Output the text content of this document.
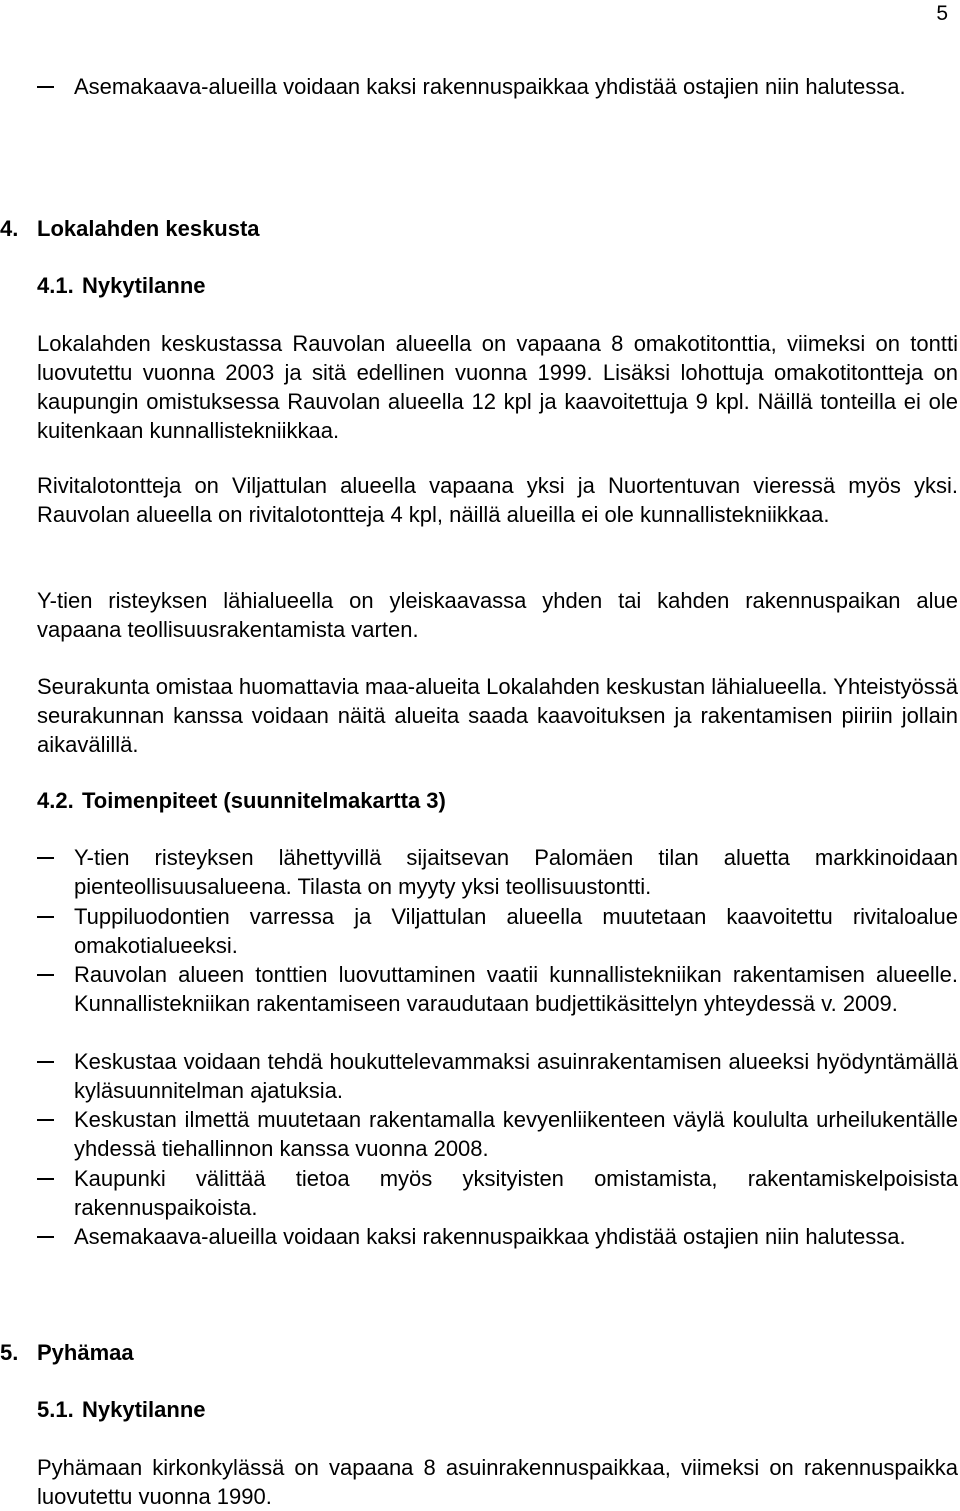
5
Asemakaava-alueilla voidaan kaksi rakennuspaikkaa yhdistää ostajien niin halutessa.
4. Lokalahden keskusta
4.1. Nykytilanne
Lokalahden keskustassa Rauvolan alueella on vapaana 8 omakotitonttia, viimeksi on tontti luovutettu vuonna 2003 ja sitä edellinen vuonna 1999. Lisäksi lohottuja omakotitontteja on kaupungin omistuksessa Rauvolan alueella 12 kpl ja kaavoitettuja 9 kpl. Näillä tonteilla ei ole kuitenkaan kunnallistekniikkaa.
Rivitalotontteja on Viljattulan alueella vapaana yksi ja Nuortentuvan vieressä myös yksi. Rauvolan alueella on rivitalotontteja 4 kpl, näillä alueilla ei ole kunnallistekniikkaa.
Y-tien risteyksen lähialueella on yleiskaavassa yhden tai kahden rakennuspaikan alue vapaana teollisuusrakentamista varten.
Seurakunta omistaa huomattavia maa-alueita Lokalahden keskustan lähialueella. Yhteistyössä seurakunnan kanssa voidaan näitä alueita saada kaavoituksen ja rakentamisen piiriin jollain aikavälillä.
4.2. Toimenpiteet (suunnitelmakartta 3)
Y-tien risteyksen lähettyvillä sijaitsevan Palomäen tilan aluetta markkinoidaan pienteollisuusalueena. Tilasta on myyty yksi teollisuustontti.
Tuppiluodontien varressa ja Viljattulan alueella muutetaan kaavoitettu rivitaloalue omakotialueeksi.
Rauvolan alueen tonttien luovuttaminen vaatii kunnallistekniikan rakentamisen alueelle. Kunnallistekniikan rakentamiseen varaudutaan budjettikäsittelyn yhteydessä v. 2009.
Keskustaa voidaan tehdä houkuttelevammaksi asuinrakentamisen alueeksi hyödyntämällä kyläsuunnitelman ajatuksia.
Keskustan ilmettä muutetaan rakentamalla kevyenliikenteen väylä koululta urheilukentälle yhdessä tiehallinnon kanssa vuonna 2008.
Kaupunki välittää tietoa myös yksityisten omistamista, rakentamiskelpoisista rakennuspaikoista.
Asemakaava-alueilla voidaan kaksi rakennuspaikkaa yhdistää ostajien niin halutessa.
5. Pyhämaa
5.1. Nykytilanne
Pyhämaan kirkonkylässä on vapaana 8 asuinrakennuspaikkaa, viimeksi on rakennuspaikka luovutettu vuonna 1990.
